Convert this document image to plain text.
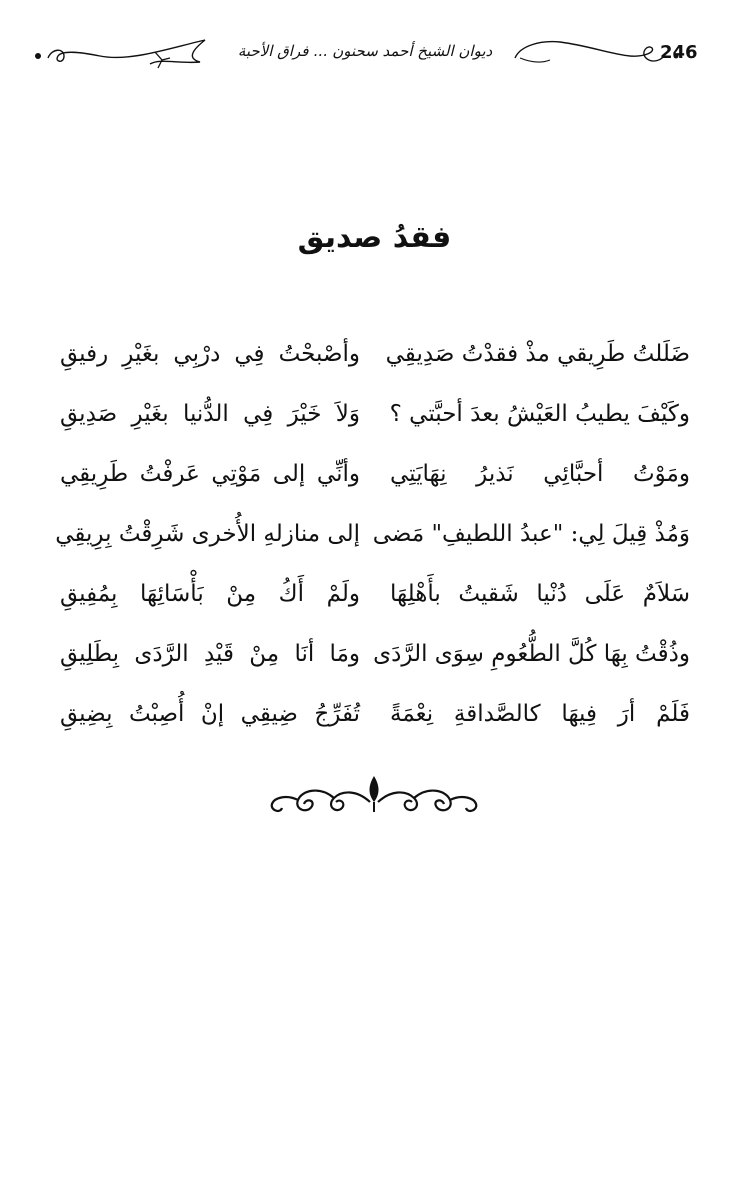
246
ديوان الشيخ أحمد سحنون ... فراق الأحبة
فقدُ صديق
ضَلَلتُ طَرِيقي مذْ فقدْتُ صَدِيقِي
وأصْبحْتُ فِي درْبِي بغَيْرِ رفيقِ
وكَيْفَ يطيبُ العَيْشُ بعدَ أحبَّتي ؟
وَلاَ خَيْرَ فِي الدُّنيا بغَيْرِ صَدِيقِ
ومَوْتُ أحبَّائِي نَذيرُ نِهَايَتِي
وأنِّي إلى مَوْتِي عَرفْتُ طَرِيقِي
وَمُذْ قِيلَ لِي: "عبدُ اللطيفِ" مَضى
إلى منازلهِ الأُخرى شَرِقْتُ بِرِيقِي
سَلاَمٌ عَلَى دُنْيا شَقيتُ بأَهْلِهَا
ولَمْ أَكُ مِنْ بَأْسَائِهَا بِمُفِيقِ
وذُقْتُ بِهَا كُلَّ الطُّعُومِ سِوَى الرَّدَى
ومَا أنَا مِنْ قَيْدِ الرَّدَى بِطَلِيقِ
فَلَمْ أرَ فِيهَا كالصَّداقةِ نِعْمَةً
تُفَرِّجُ ضِيقِي إنْ أُصِبْتُ بِضِيقِ
